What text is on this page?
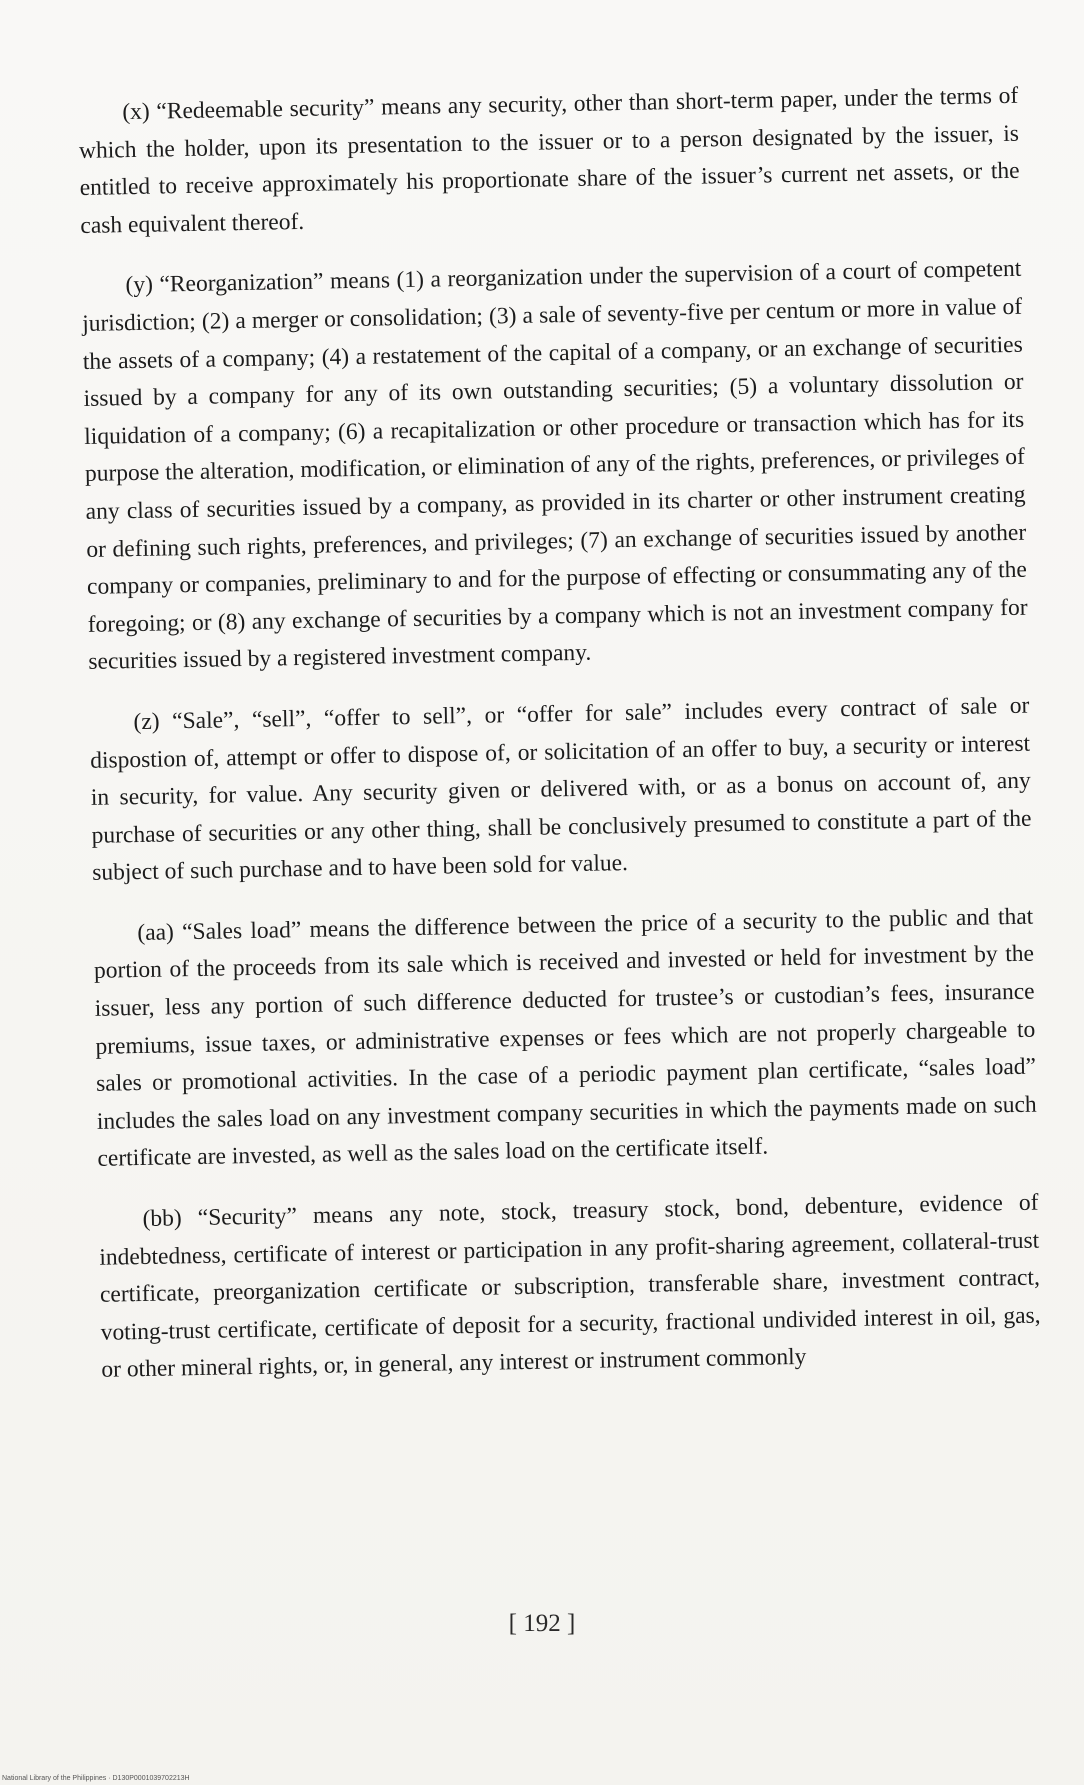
(x) “Redeemable security” means any security, other than short-term paper, under the terms of which the holder, upon its presentation to the issuer or to a person designated by the issuer, is entitled to receive approximately his proportionate share of the issuer’s current net assets, or the cash equivalent thereof.

(y) “Reorganization” means (1) a reorganization under the supervision of a court of competent jurisdiction; (2) a merger or consolidation; (3) a sale of seventy-five per centum or more in value of the assets of a company; (4) a restatement of the capital of a company, or an exchange of securities issued by a company for any of its own outstanding securities; (5) a voluntary dissolution or liquidation of a company; (6) a recapitalization or other procedure or transaction which has for its purpose the alteration, modification, or elimination of any of the rights, preferences, or privileges of any class of securities issued by a company, as provided in its charter or other instrument creating or defining such rights, preferences, and privileges; (7) an exchange of securities issued by another company or companies, preliminary to and for the purpose of effecting or consummating any of the foregoing; or (8) any exchange of securities by a company which is not an investment company for securities issued by a registered investment company.

(z) “Sale”, “sell”, “offer to sell”, or “offer for sale” includes every contract of sale or dispostion of, attempt or offer to dispose of, or solicitation of an offer to buy, a security or interest in security, for value. Any security given or delivered with, or as a bonus on account of, any purchase of securities or any other thing, shall be conclusively presumed to constitute a part of the subject of such purchase and to have been sold for value.

(aa) “Sales load” means the difference between the price of a security to the public and that portion of the proceeds from its sale which is received and invested or held for investment by the issuer, less any portion of such difference deducted for trustee’s or custodian’s fees, insurance premiums, issue taxes, or administrative expenses or fees which are not properly chargeable to sales or promotional activities. In the case of a periodic payment plan certificate, “sales load” includes the sales load on any investment company securities in which the payments made on such certificate are invested, as well as the sales load on the certificate itself.

(bb) “Security” means any note, stock, treasury stock, bond, debenture, evidence of indebtedness, certificate of interest or participation in any profit-sharing agreement, collateral-trust certificate, preorganization certificate or subscription, transferable share, investment contract, voting-trust certificate, certificate of deposit for a security, fractional undivided interest in oil, gas, or other mineral rights, or, in general, any interest or instrument commonly

[ 192 ]
National Library of the Philippines · D130P0001039702213H
